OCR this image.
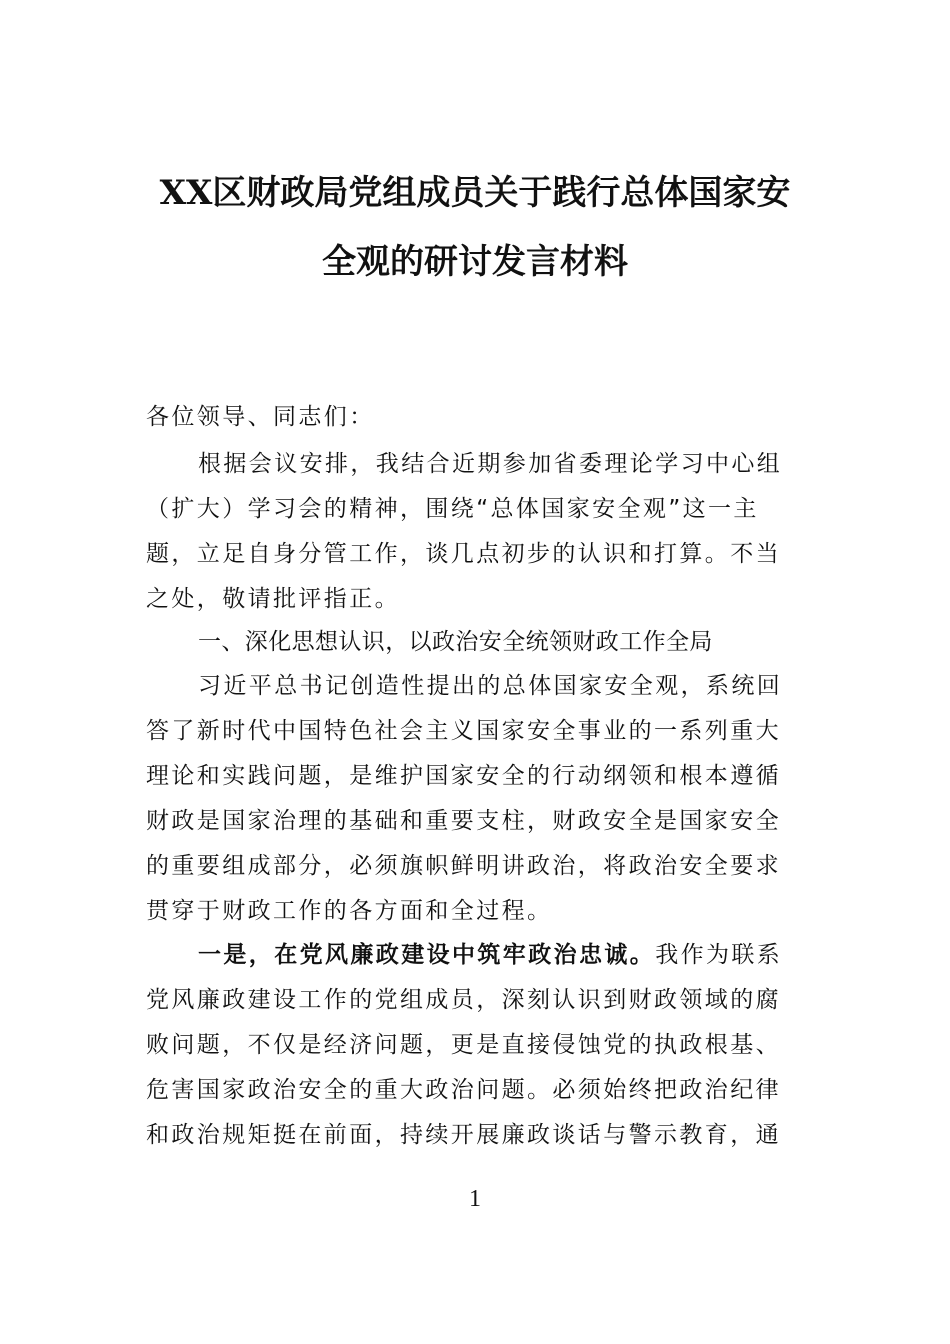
XX区财政局党组成员关于践行总体国家安
全观的研讨发言材料
各位领导、同志们：
根据会议安排，我结合近期参加省委理论学习中心组
（扩大）学习会的精神，围绕“总体国家安全观”这一主
题，立足自身分管工作，谈几点初步的认识和打算。不当
之处，敬请批评指正。
一、深化思想认识，以政治安全统领财政工作全局
习近平总书记创造性提出的总体国家安全观，系统回
答了新时代中国特色社会主义国家安全事业的一系列重大
理论和实践问题，是维护国家安全的行动纲领和根本遵循
财政是国家治理的基础和重要支柱，财政安全是国家安全
的重要组成部分，必须旗帜鲜明讲政治，将政治安全要求
贯穿于财政工作的各方面和全过程。
一是，在党风廉政建设中筑牢政治忠诚。我作为联系
党风廉政建设工作的党组成员，深刻认识到财政领域的腐
败问题，不仅是经济问题，更是直接侵蚀党的执政根基、
危害国家政治安全的重大政治问题。必须始终把政治纪律
和政治规矩挺在前面，持续开展廉政谈话与警示教育，通
1
